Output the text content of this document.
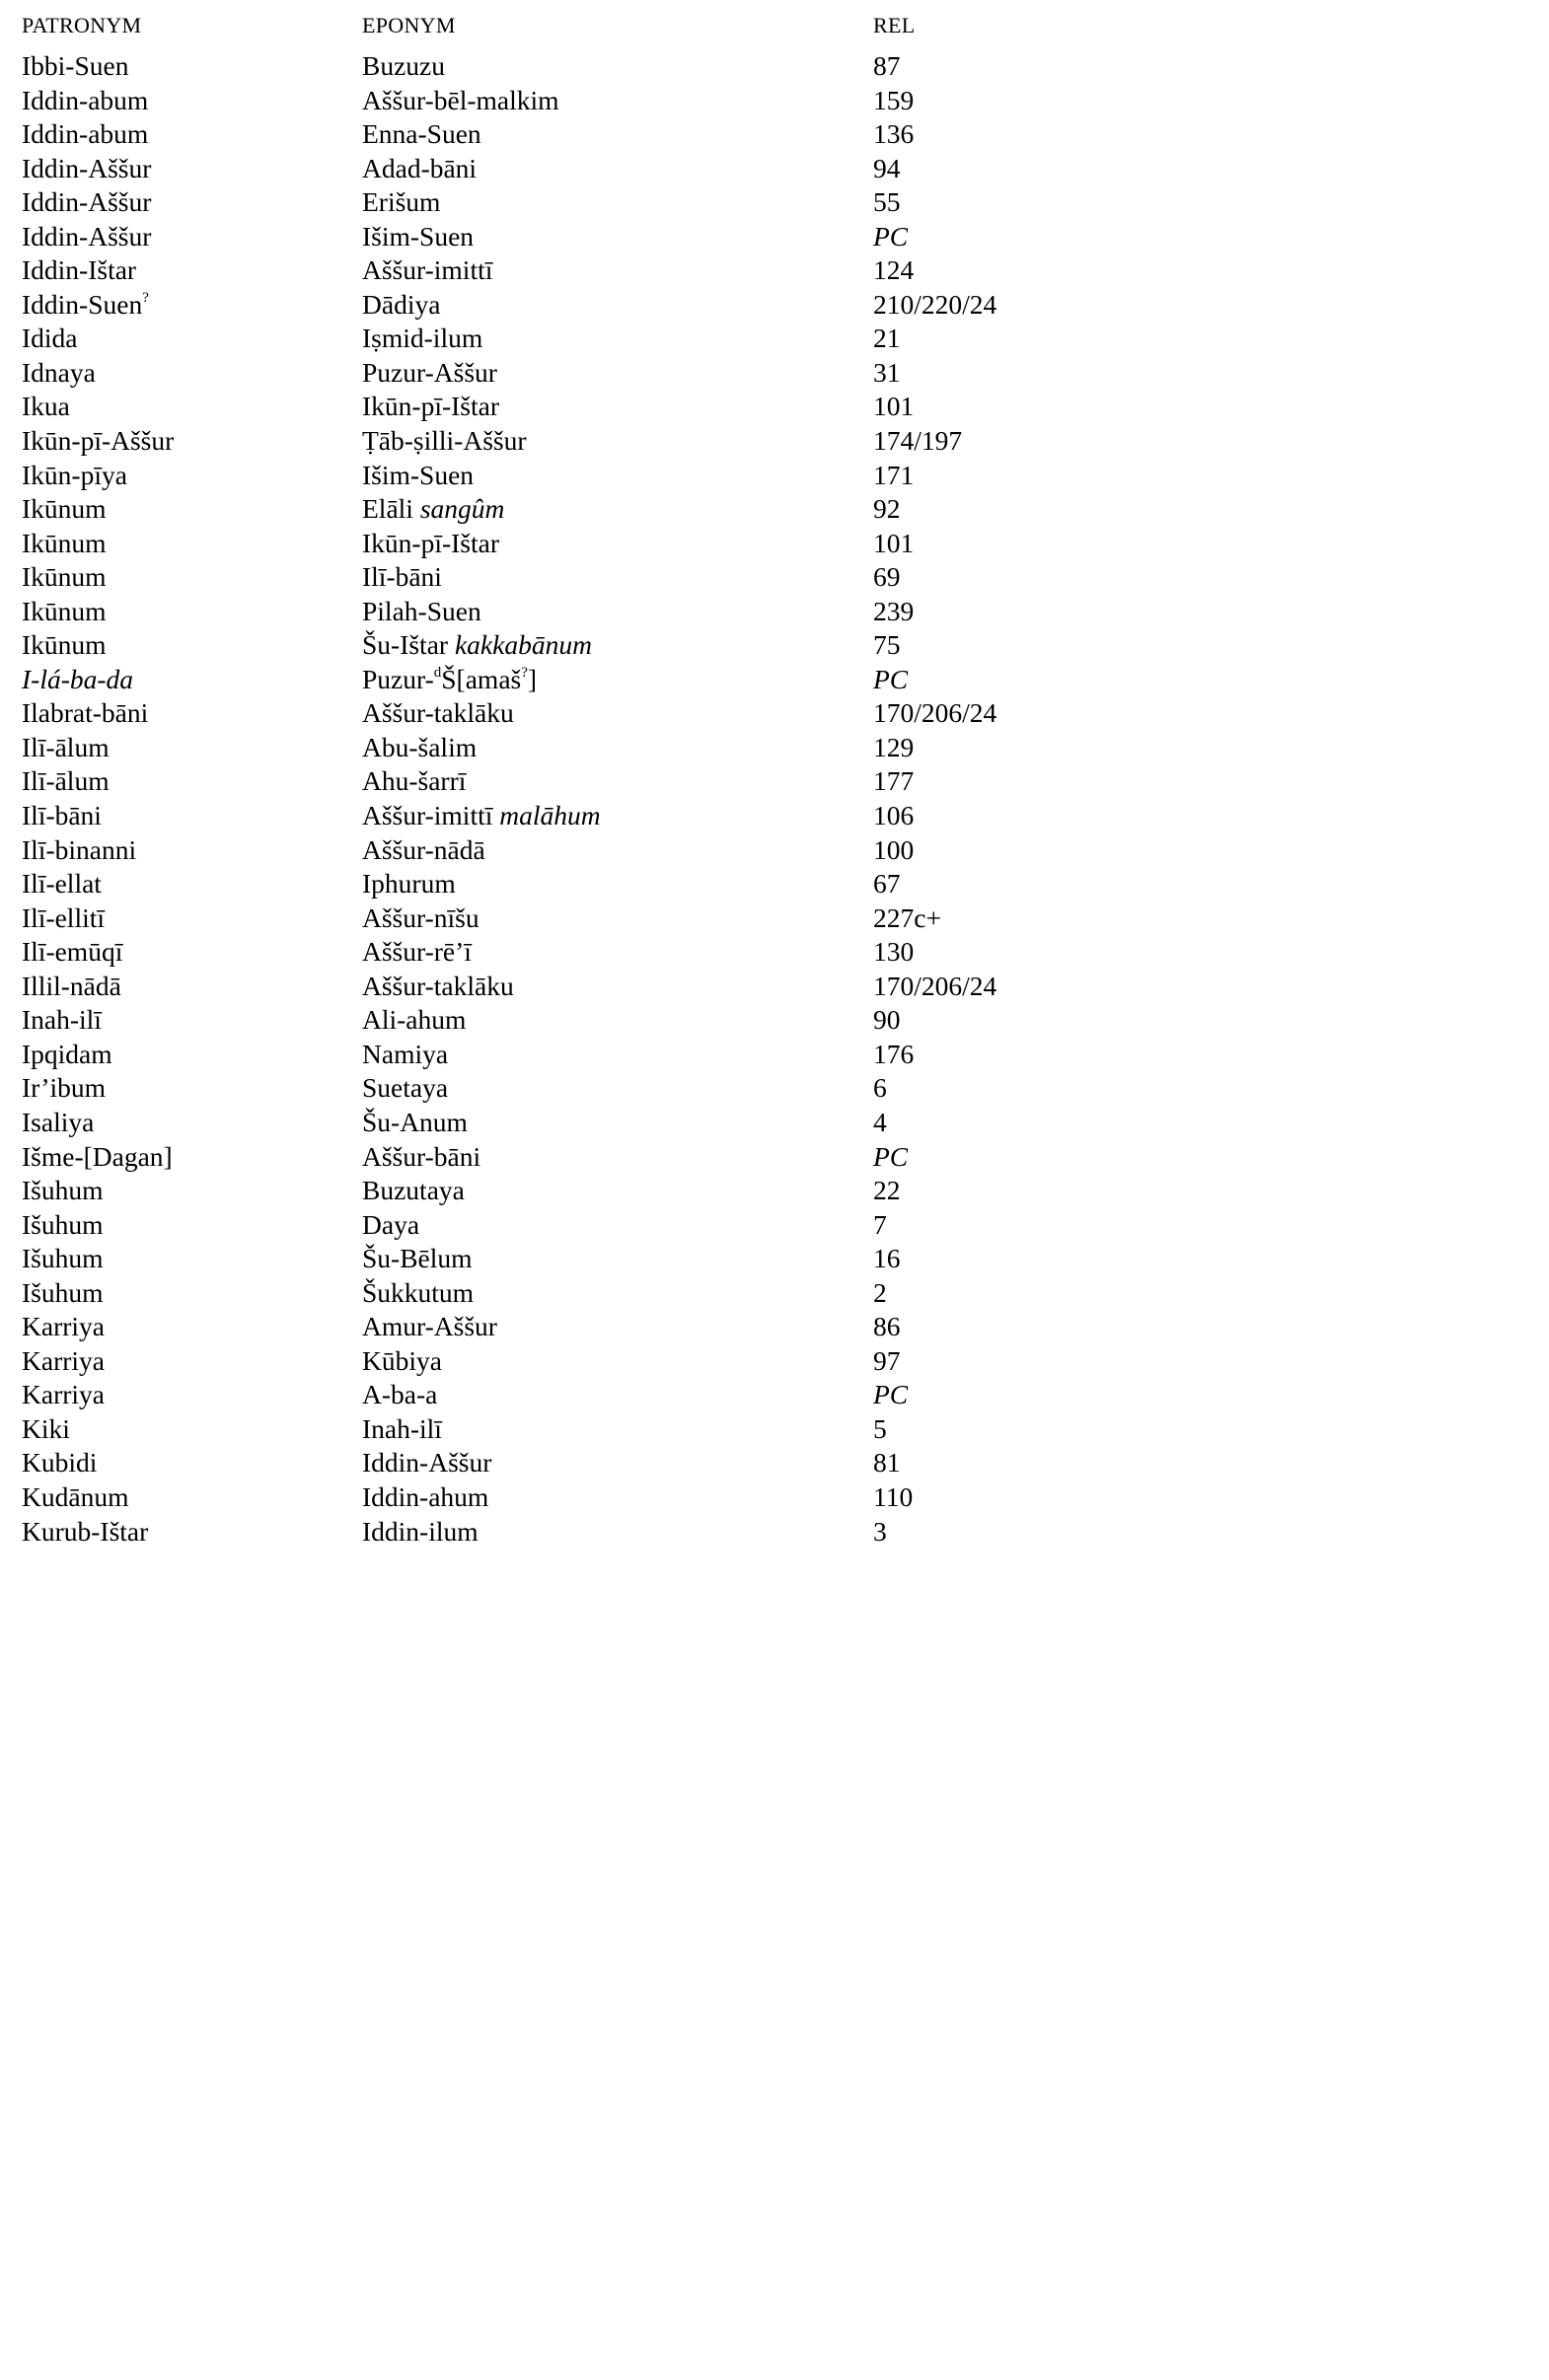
PATRONYM	EPONYM	REL
Ibbi-Suen	Buzuzu	87
Iddin-abum	Aššur-bēl-malkim	159
Iddin-abum	Enna-Suen	136
Iddin-Aššur	Adad-bāni	94
Iddin-Aššur	Erišum	55
Iddin-Aššur	Išim-Suen	PC
Iddin-Ištar	Aššur-imittī	124
Iddin-Suen?	Dādiya	210/220/24
Idida	Iṣmid-ilum	21
Idnaya	Puzur-Aššur	31
Ikua	Ikūn-pī-Ištar	101
Ikūn-pī-Aššur	Ṭāb-ṣilli-Aššur	174/197
Ikūn-pīya	Išim-Suen	171
Ikūnum	Elāli sangûm	92
Ikūnum	Ikūn-pī-Ištar	101
Ikūnum	Ilī-bāni	69
Ikūnum	Pilah-Suen	239
Ikūnum	Šu-Ištar kakkabānum	75
I-lá-ba-da	Puzur-$^d$Š[amaš?]	PC
Ilabrat-bāni	Aššur-taklāku	170/206/24
Ilī-ālum	Abu-šalim	129
Ilī-ālum	Ahu-šarrī	177
Ilī-bāni	Aššur-imittī malāhum	106
Ilī-binanni	Aššur-nādā	100
Ilī-ellat	Iphurum	67
Ilī-ellitī	Aššur-nīšu	227c+
Ilī-emūqī	Aššur-rē’ī	130
Illil-nādā	Aššur-taklāku	170/206/24
Inah-ilī	Ali-ahum	90
Ipqidam	Namiya	176
Ir’ibum	Suetaya	6
Isaliya	Šu-Anum	4
Išme-[Dagan]	Aššur-bāni	PC
Išuhum	Buzutaya	22
Išuhum	Daya	7
Išuhum	Šu-Bēlum	16
Išuhum	Šukkutum	2
Karriya	Amur-Aššur	86
Karriya	Kūbiya	97
Karriya	A-ba-a	PC
Kiki	Inah-ilī	5
Kubidi	Iddin-Aššur	81
Kudānum	Iddin-ahum	110
Kurub-Ištar	Iddin-ilum	3
